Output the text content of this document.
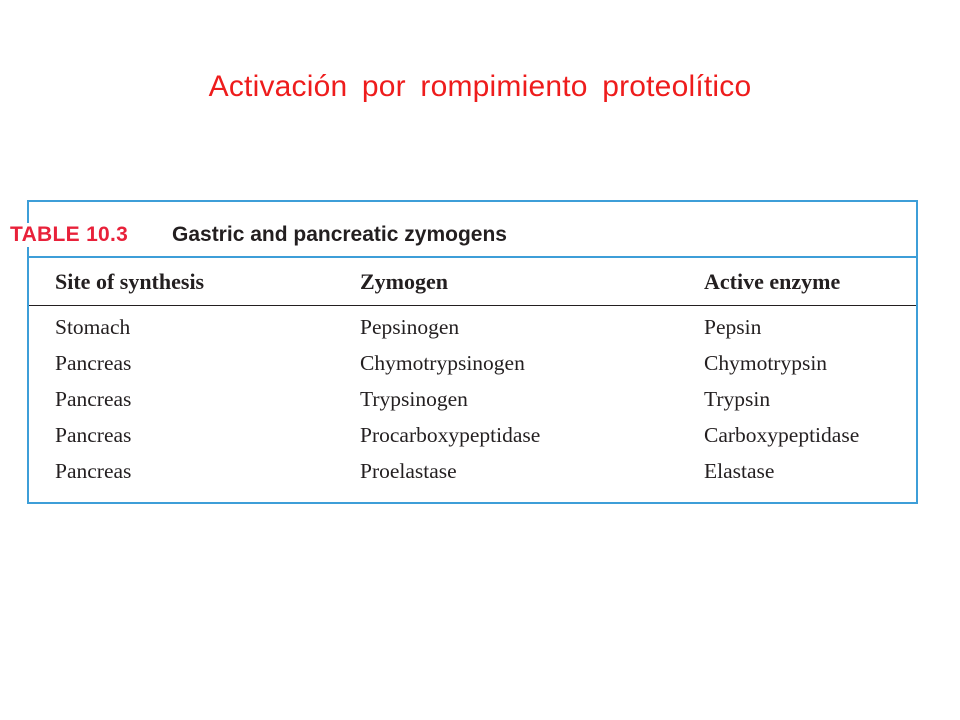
Activación por rompimiento proteolítico
TABLE 10.3 Gastric and pancreatic zymogens
Site of synthesis	Zymogen	Active enzyme
Stomach	Pepsinogen	Pepsin
Pancreas	Chymotrypsinogen	Chymotrypsin
Pancreas	Trypsinogen	Trypsin
Pancreas	Procarboxypeptidase	Carboxypeptidase
Pancreas	Proelastase	Elastase
